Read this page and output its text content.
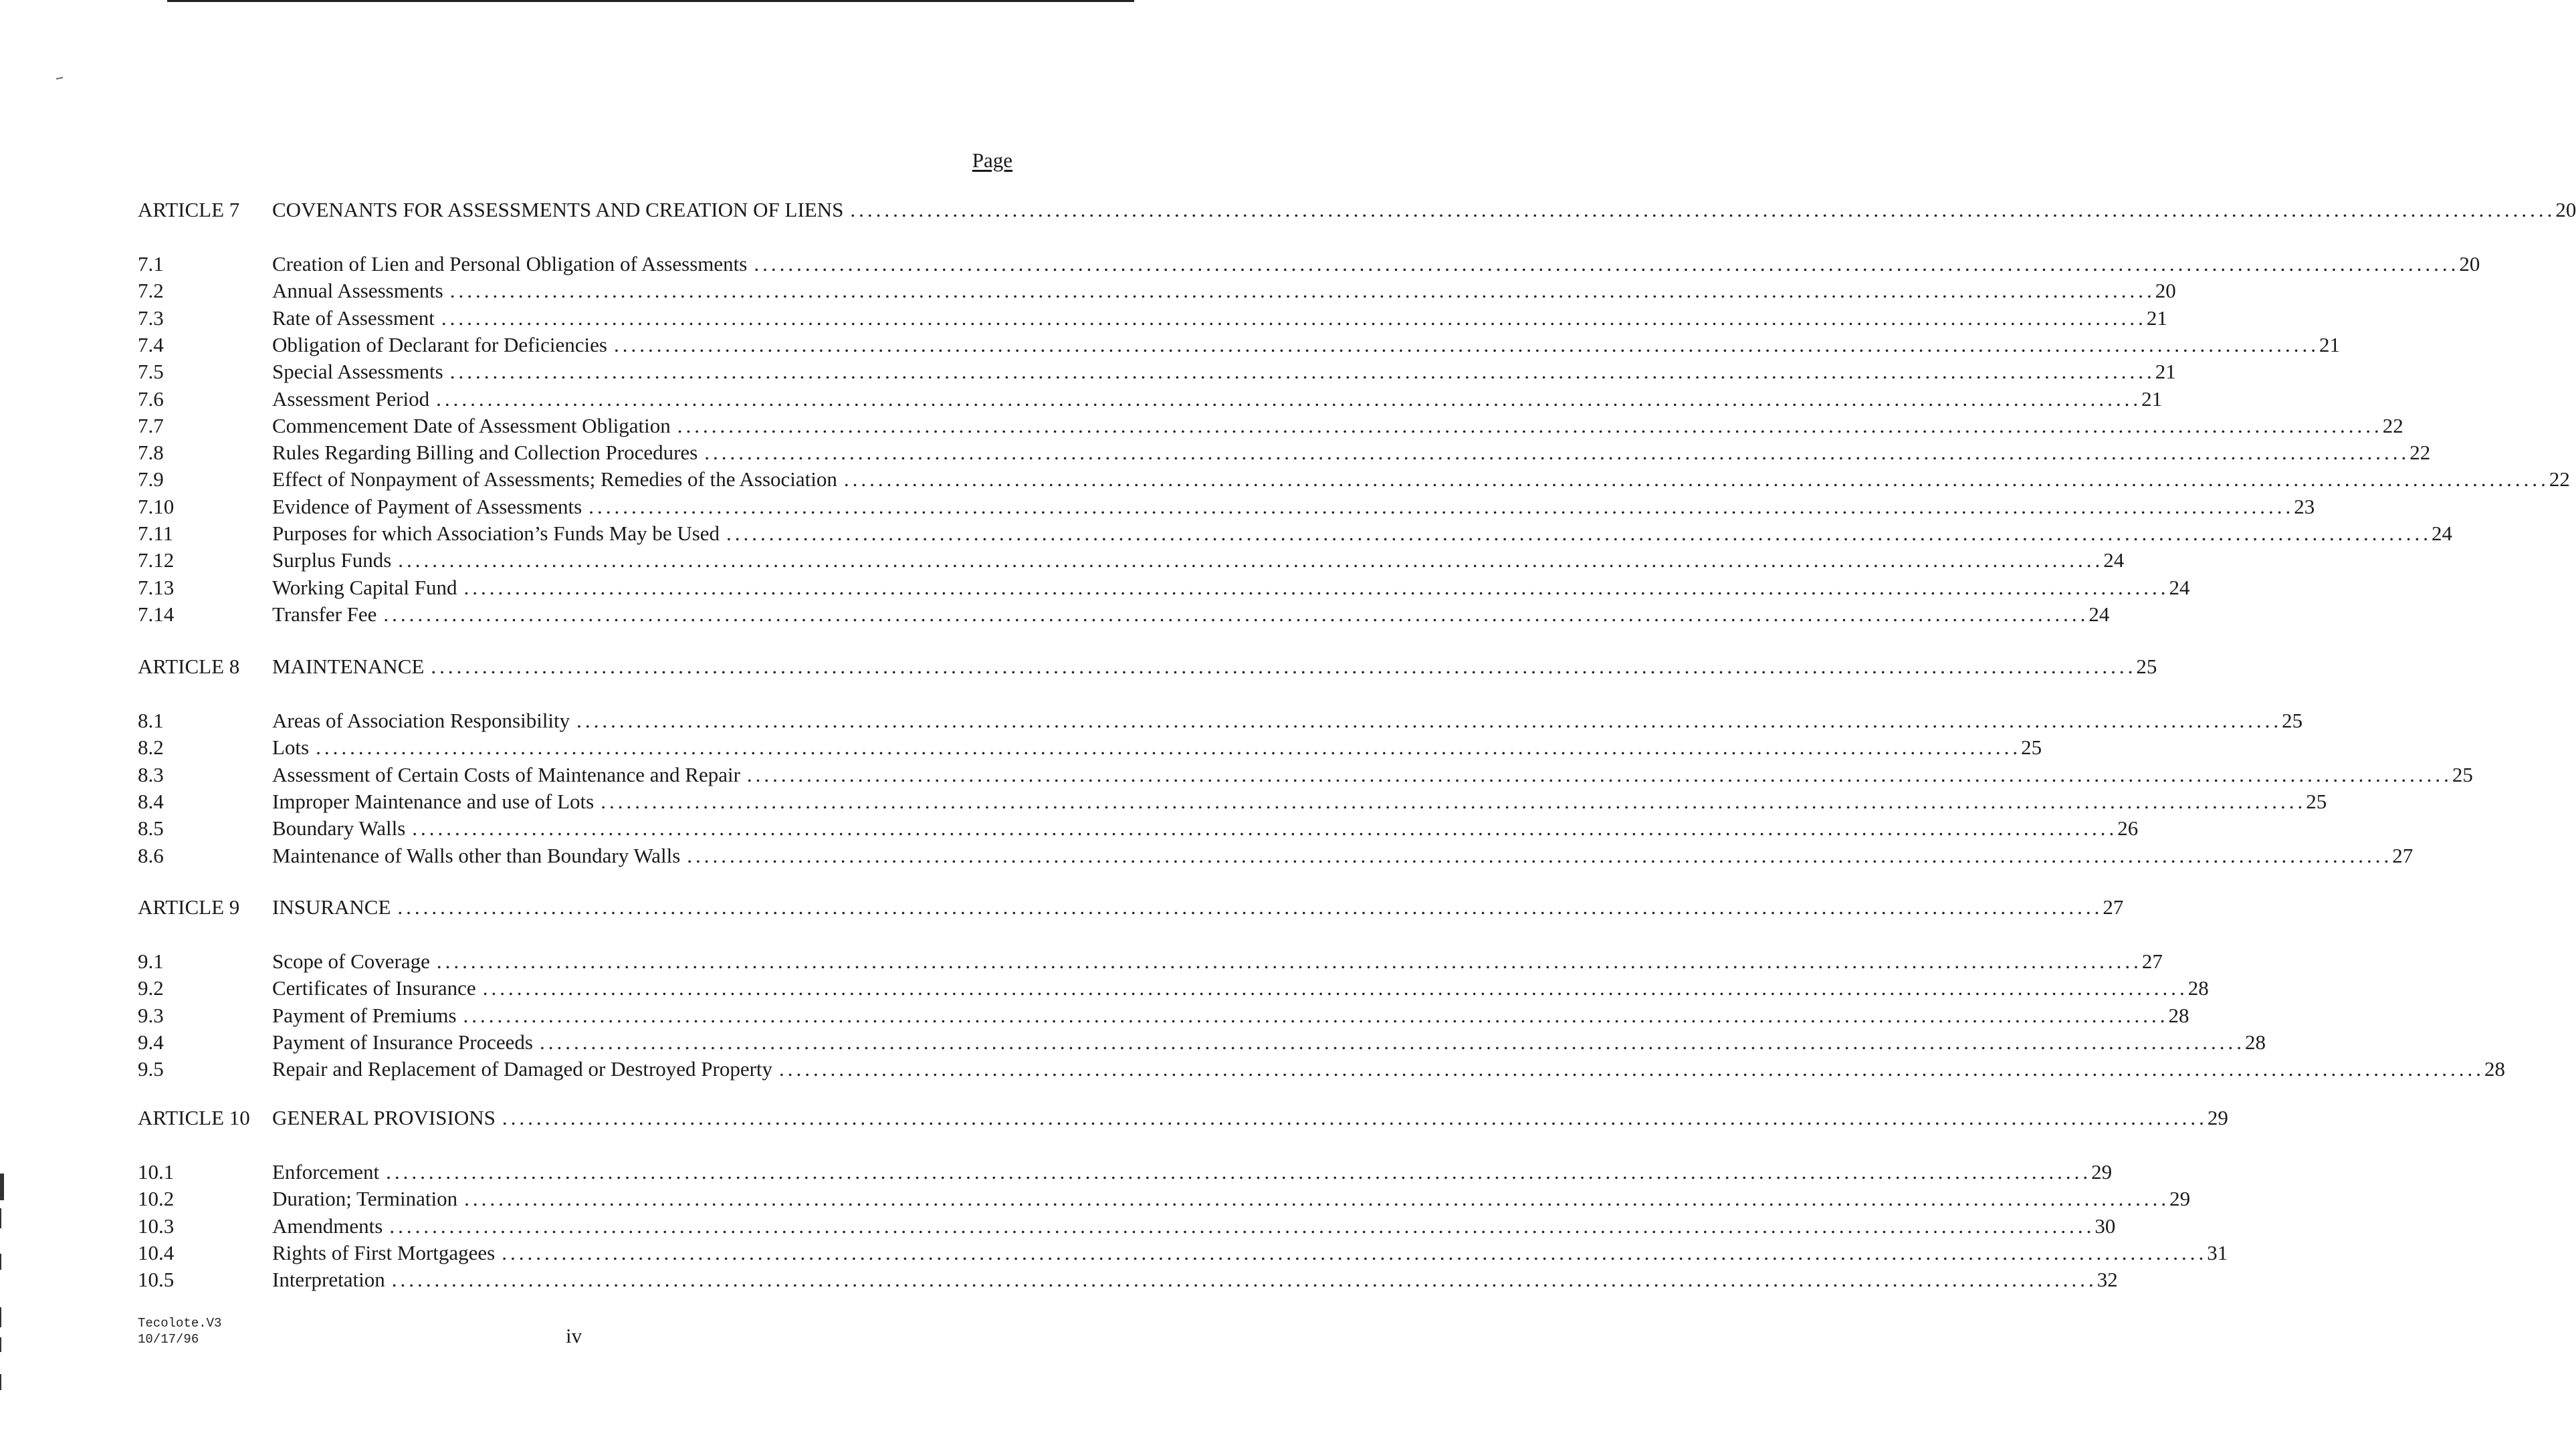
Page
ARTICLE 7 COVENANTS FOR ASSESSMENTS AND CREATION OF LIENS ........................................................................................................................................................................................................ 20
7.1	Creation of Lien and Personal Obligation of Assessments ........................................................................................................................................................................................................ 20
7.2	Annual Assessments ........................................................................................................................................................................................................ 20
7.3	Rate of Assessment ........................................................................................................................................................................................................ 21
7.4	Obligation of Declarant for Deficiencies ........................................................................................................................................................................................................ 21
7.5	Special Assessments ........................................................................................................................................................................................................ 21
7.6	Assessment Period ........................................................................................................................................................................................................ 21
7.7	Commencement Date of Assessment Obligation ........................................................................................................................................................................................................ 22
7.8	Rules Regarding Billing and Collection Procedures ........................................................................................................................................................................................................ 22
7.9	Effect of Nonpayment of Assessments; Remedies of the Association ........................................................................................................................................................................................................ 22
7.10	Evidence of Payment of Assessments ........................................................................................................................................................................................................ 23
7.11	Purposes for which Association’s Funds May be Used ........................................................................................................................................................................................................ 24
7.12	Surplus Funds ........................................................................................................................................................................................................ 24
7.13	Working Capital Fund ........................................................................................................................................................................................................ 24
7.14	Transfer Fee ........................................................................................................................................................................................................ 24
ARTICLE 8 MAINTENANCE ........................................................................................................................................................................................................ 25
8.1	Areas of Association Responsibility ........................................................................................................................................................................................................ 25
8.2	Lots ........................................................................................................................................................................................................ 25
8.3	Assessment of Certain Costs of Maintenance and Repair ........................................................................................................................................................................................................ 25
8.4	Improper Maintenance and use of Lots ........................................................................................................................................................................................................ 25
8.5	Boundary Walls ........................................................................................................................................................................................................ 26
8.6	Maintenance of Walls other than Boundary Walls ........................................................................................................................................................................................................ 27
ARTICLE 9 INSURANCE ........................................................................................................................................................................................................ 27
9.1	Scope of Coverage ........................................................................................................................................................................................................ 27
9.2	Certificates of Insurance ........................................................................................................................................................................................................ 28
9.3	Payment of Premiums ........................................................................................................................................................................................................ 28
9.4	Payment of Insurance Proceeds ........................................................................................................................................................................................................ 28
9.5	Repair and Replacement of Damaged or Destroyed Property ........................................................................................................................................................................................................ 28
ARTICLE 10 GENERAL PROVISIONS ........................................................................................................................................................................................................ 29
10.1	Enforcement ........................................................................................................................................................................................................ 29
10.2	Duration; Termination ........................................................................................................................................................................................................ 29
10.3	Amendments ........................................................................................................................................................................................................ 30
10.4	Rights of First Mortgagees ........................................................................................................................................................................................................ 31
10.5	Interpretation ........................................................................................................................................................................................................ 32
Tecolote.V3
10/17/96	iv
